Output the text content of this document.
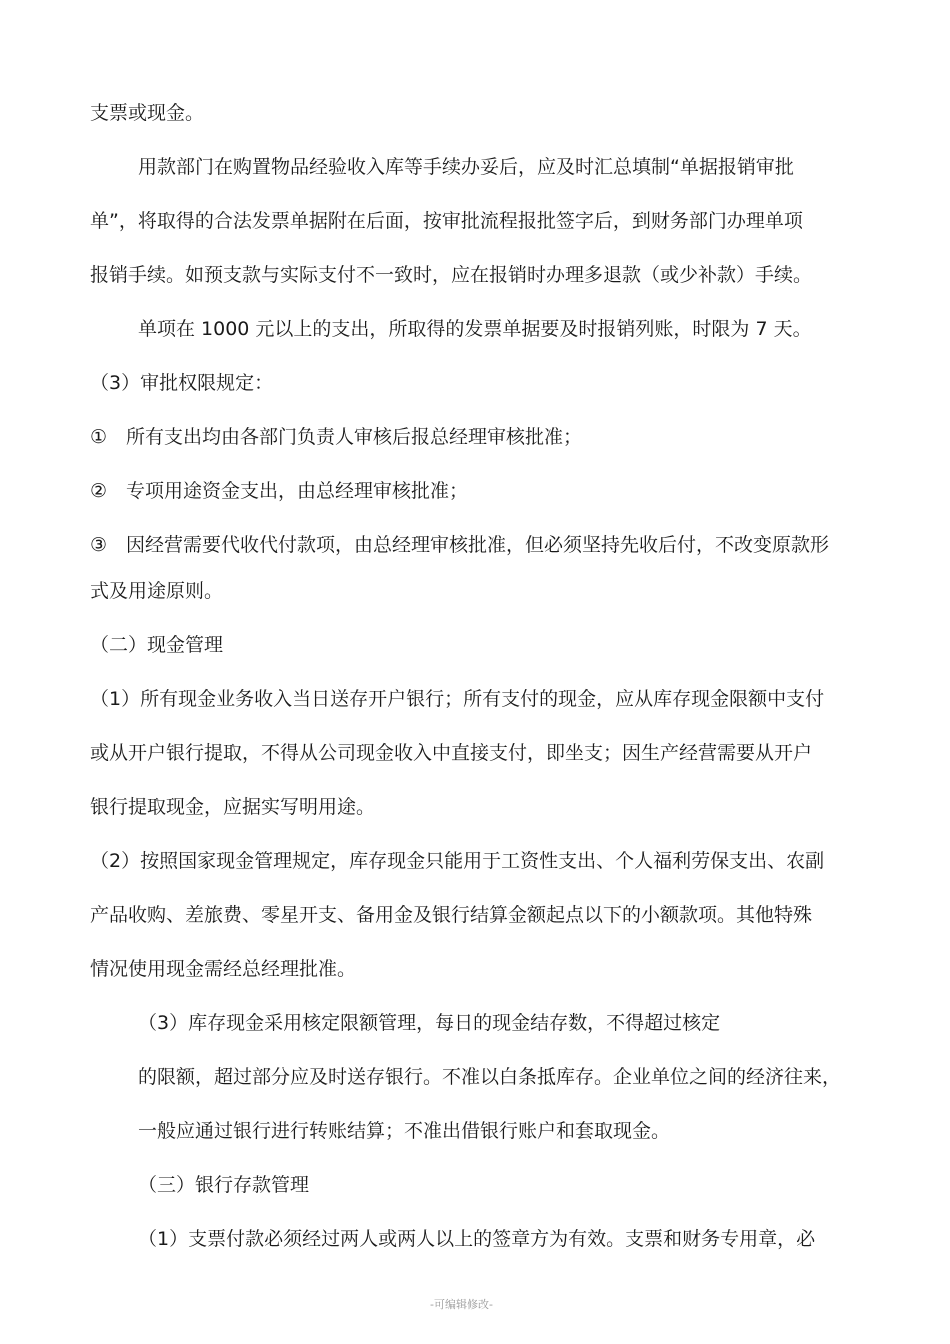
支票或现金。
用款部门在购置物品经验收入库等手续办妥后，应及时汇总填制“单据报销审批
单”，将取得的合法发票单据附在后面，按审批流程报批签字后，到财务部门办理单项
报销手续。如预支款与实际支付不一致时，应在报销时办理多退款（或少补款）手续。
单项在 1000 元以上的支出，所取得的发票单据要及时报销列账，时限为 7 天。
（3）审批权限规定：
①　所有支出均由各部门负责人审核后报总经理审核批准；
②　专项用途资金支出，由总经理审核批准；
③　因经营需要代收代付款项，由总经理审核批准，但必须坚持先收后付，不改变原款形
式及用途原则。
（二）现金管理
（1）所有现金业务收入当日送存开户银行；所有支付的现金，应从库存现金限额中支付
或从开户银行提取，不得从公司现金收入中直接支付，即坐支；因生产经营需要从开户
银行提取现金，应据实写明用途。
（2）按照国家现金管理规定，库存现金只能用于工资性支出、个人福利劳保支出、农副
产品收购、差旅费、零星开支、备用金及银行结算金额起点以下的小额款项。其他特殊
情况使用现金需经总经理批准。
（3）库存现金采用核定限额管理，每日的现金结存数，不得超过核定
的限额，超过部分应及时送存银行。不准以白条抵库存。企业单位之间的经济往来，
一般应通过银行进行转账结算；不准出借银行账户和套取现金。
（三）银行存款管理
（1）支票付款必须经过两人或两人以上的签章方为有效。支票和财务专用章，必
-可编辑修改-
